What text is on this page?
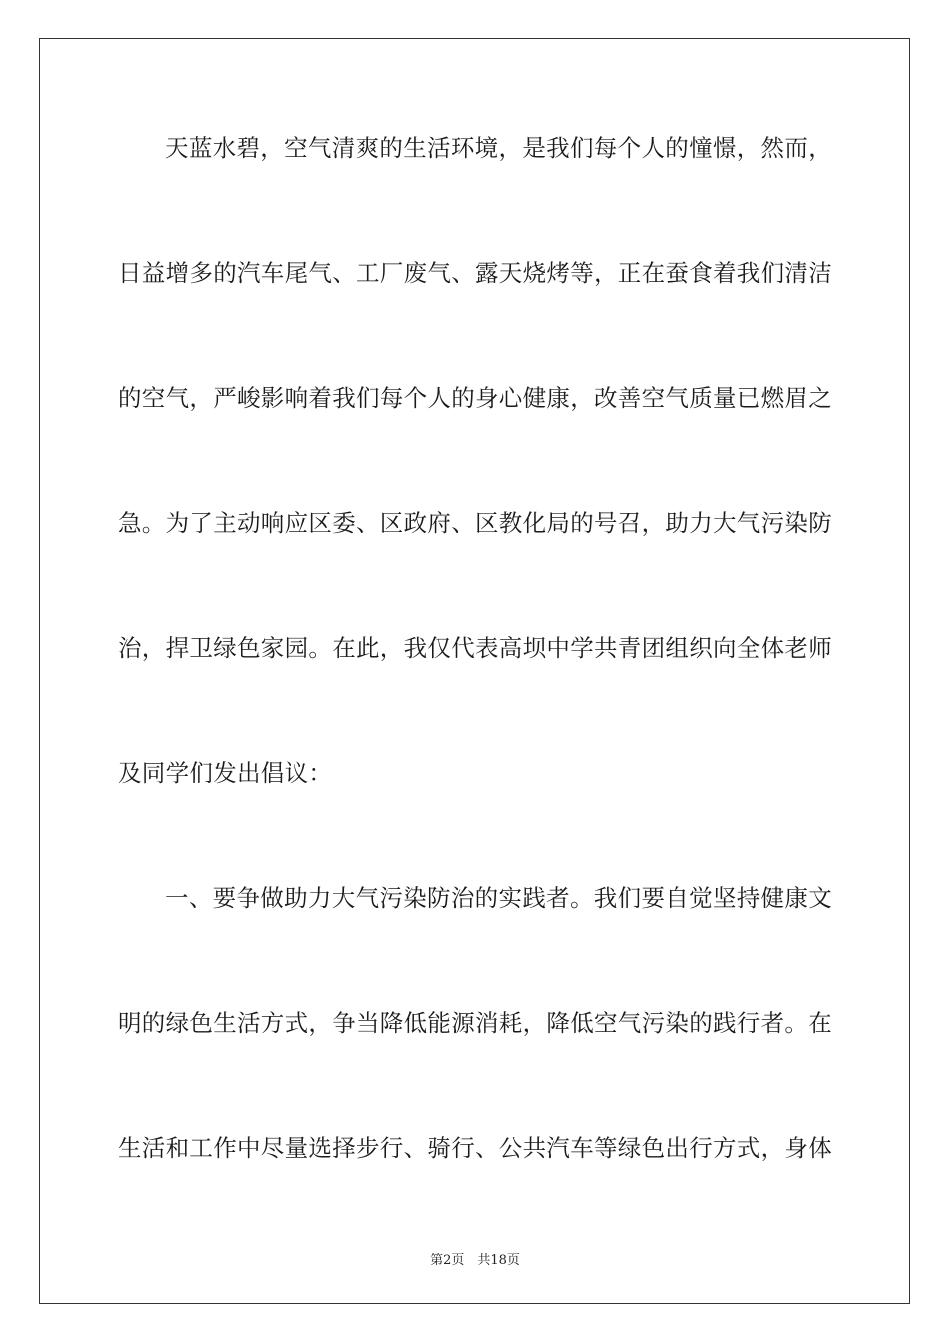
天蓝水碧，空气清爽的生活环境，是我们每个人的憧憬，然而，
日益增多的汽车尾气、工厂废气、露天烧烤等，正在蚕食着我们清洁
的空气，严峻影响着我们每个人的身心健康，改善空气质量已燃眉之
急。为了主动响应区委、区政府、区教化局的号召，助力大气污染防
治，捍卫绿色家园。在此，我仅代表高坝中学共青团组织向全体老师
及同学们发出倡议：
一、要争做助力大气污染防治的实践者。我们要自觉坚持健康文
明的绿色生活方式，争当降低能源消耗，降低空气污染的践行者。在
生活和工作中尽量选择步行、骑行、公共汽车等绿色出行方式，身体
第2页　共18页
